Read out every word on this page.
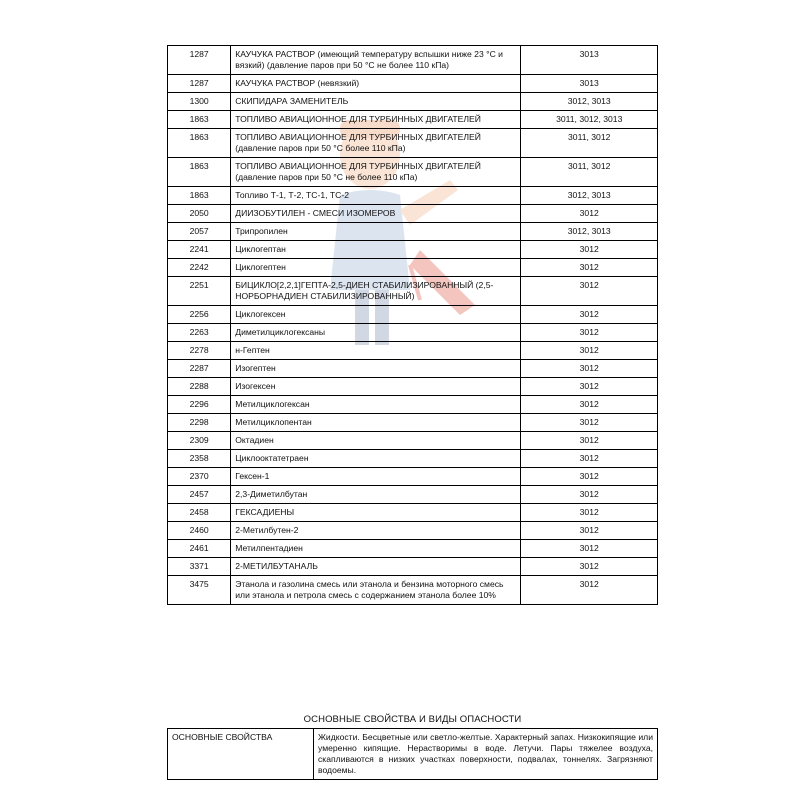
1287	КАУЧУКА РАСТВОР (имеющий температуру вспышки ниже 23 °С и вязкий) (давление паров при 50 °С не более 110 кПа)	3013
1287	КАУЧУКА РАСТВОР (невязкий)	3013
1300	СКИПИДАРА ЗАМЕНИТЕЛЬ	3012, 3013
1863	ТОПЛИВО АВИАЦИОННОЕ ДЛЯ ТУРБИННЫХ ДВИГАТЕЛЕЙ	3011, 3012, 3013
1863	ТОПЛИВО АВИАЦИОННОЕ ДЛЯ ТУРБИННЫХ ДВИГАТЕЛЕЙ (давление паров при 50 °С более 110 кПа)	3011, 3012
1863	ТОПЛИВО АВИАЦИОННОЕ ДЛЯ ТУРБИННЫХ ДВИГАТЕЛЕЙ (давление паров при 50 °С не более 110 кПа)	3011, 3012
1863	Топливо Т-1, Т-2, ТС-1, ТС-2	3012, 3013
2050	ДИИЗОБУТИЛЕН - СМЕСИ ИЗОМЕРОВ	3012
2057	Трипропилен	3012, 3013
2241	Циклогептан	3012
2242	Циклогептен	3012
2251	БИЦИКЛО[2,2,1]ГЕПТА-2,5-ДИЕН СТАБИЛИЗИРОВАННЫЙ (2,5-НОРБОРНАДИЕН СТАБИЛИЗИРОВАННЫЙ)	3012
2256	Циклогексен	3012
2263	Диметилциклогексаны	3012
2278	н-Гептен	3012
2287	Изогептен	3012
2288	Изогексен	3012
2296	Метилциклогексан	3012
2298	Метилциклопентан	3012
2309	Октадиен	3012
2358	Циклооктатетраен	3012
2370	Гексен-1	3012
2457	2,3-Диметилбутан	3012
2458	ГЕКСАДИЕНЫ	3012
2460	2-Метилбутен-2	3012
2461	Метилпентадиен	3012
3371	2-МЕТИЛБУТАНАЛЬ	3012
3475	Этанола и газолина смесь или этанола и бензина моторного смесь или этанола и петрола смесь с содержанием этанола более 10%	3012
ОСНОВНЫЕ СВОЙСТВА И ВИДЫ ОПАСНОСТИ
ОСНОВНЫЕ СВОЙСТВА	Жидкости. Бесцветные или светло-желтые. Характерный запах. Низкокипящие или умеренно кипящие. Нерастворимы в воде. Летучи. Пары тяжелее воздуха, скапливаются в низких участках поверхности, подвалах, тоннелях. Загрязняют водоемы.
